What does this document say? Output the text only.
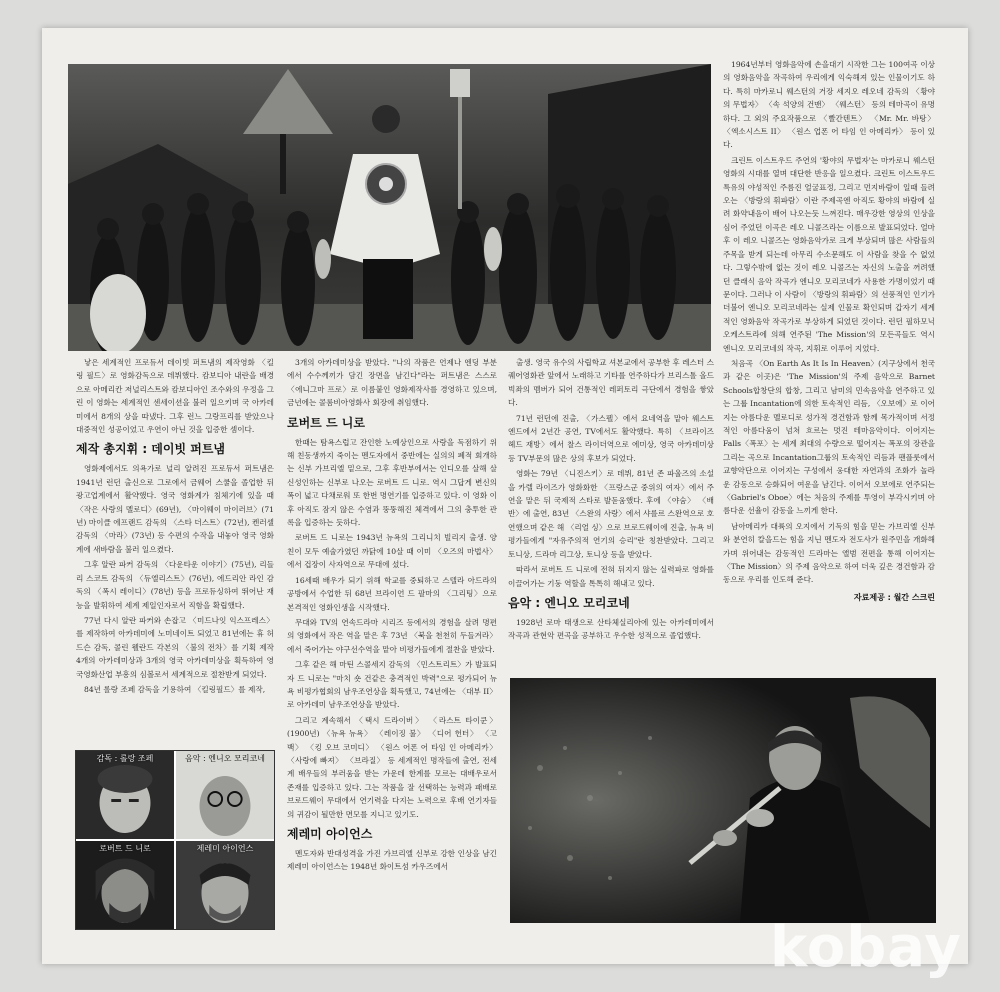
낳은 세계적인 프로듀서 데이빗 퍼트냄의 제작영화 〈킬링 필드〉로 영화감독으로 데뷔했다. 캄보디아 내란을 배경으로 아메리칸 저널리스트와 캄보디아인 조수와의 우정을 그린 이 영화는 세계적인 센세이션을 불러 일으키며 국 아카데미에서 8개의 상을 따냈다. 그후 런느 그랑프리를 받았으나 대중적인 성공이었고 우연이 아닌 것을 입증한 셈이다.

제작 총지휘 : 데이빗 퍼트냄

영화제에서도 의욕가로 널리 알려진 프로듀서 퍼트냄은 1941년 런던 출신으로 그로에서 금웨어 스쿨을 졸업한 뒤 광고업계에서 활약했다. 영국 영화계가 침체기에 있을 때 〈작은 사랑의 멜로디〉(69년), 〈마이웨이 마이러브〉(71년) 마이클 에프랜드 감독의 〈스타 더스트〉(72년), 켄러셀 감독의 〈마라〉(73년) 등 수편의 수작을 내놓아 영국 영화계에 새바람을 불러 일으켰다.

그후 알란 파커 감독의 〈다운타운 이야기〉(75년), 리들리 스코트 감독의 〈듀엘리스트〉(76년), 에드리안 라인 감독의 〈폭시 레이디〉(78년) 등을 프로듀싱하여 뛰어난 재능을 발휘하여 세계 제일인자로서 직함을 확립했다.

77년 다시 알란 파커와 손잡고 〈미드나잇 익스프레스〉를 제작하여 아카데미에 노미네이트 되었고 81년에는 휴 허드슨 감독, 콜린 웰란드 각본의 〈불의 전차〉를 기획 제작 4개의 아카데미상과 3개의 영국 아카데미상을 획득하여 영국영화산업 부흥의 심볼로서 세계적으로 절찬받게 되었다.

84년 롤랑 조페 감독을 기용하여 〈킬링필드〉를 제작,

감독 : 롤랑 조페	음악 : 엔니오 모리코네
로버트 드 니로	제레미 아이언스

3개의 아카데미상을 받았다. "나의 작품은 언제나 엔딩 부분에서 수수께끼가 담긴 장면을 남긴다"라는 퍼트냄은 스스로 〈에니그마 프로〉로 이름붙인 영화제작사를 경영하고 있으며, 금년에는 콜롬비아영화사 회장에 취임했다.

로버트 드 니로

한때는 탐욕스럽고 잔인한 노예상인으로 사랑을 독점하기 위해 친동생까지 죽이는 멘도자에서 중반에는 실의의 폐적 회개하는 신부 가브리엘 밑으로, 그후 후반부에서는 인디오를 살해 살신성인하는 신부로 나오는 로버트 드 니로. 역시 그답게 변신의 폭이 넓고 다채로워 또 한번 명연기를 입증하고 있다. 이 영화 이후 아직도 잠지 않은 수염과 뚱뚱해진 체격에서 그의 충투한 관록을 입증하는 듯하다.

로버트 드 니로는 1943년 뉴욕의 그리니치 빌리지 출생. 양친이 모두 예술가였던 까닭에 10살 때 이미 〈오즈의 마법사〉에서 겁장이 사자역으로 무대에 섰다.

16세때 배우가 되기 위해 학교를 중퇴하고 스텔라 아드라의 공방에서 수업한 뒤 68년 브라이언 드 팔마의 〈그리팅〉으로 본격적인 영화인생을 시작했다.

무대와 TV의 연속드라마 시리즈 등에서의 경험을 살려 명편의 영화에서 작은 역을 맡은 후 73년 〈북을 천천히 두들겨라〉에서 죽어가는 야구선수역을 맡아 비평가들에게 절찬을 받았다.

그후 같은 해 마틴 스콜세지 감독의 〈민스트리트〉가 발표되자 드 니로는 "마치 숏 건같은 충격적인 박력"으로 평가되어 뉴욕 비평가협회의 남우조연상을 획득했고, 74년에는 〈대부 II〉로 아카데미 남우조연상을 받았다.

그리고 계속해서 〈택시 드라이버〉 〈라스트 타이쿤〉 (1900년) 〈뉴욕 뉴욕〉 〈레이징 불〉 〈디어 헌터〉 〈고백〉 〈킹 오브 코미디〉 〈원스 어폰 어 타임 인 아메리카〉 〈사랑에 빠져〉 〈브라질〉 등 세계적인 명작들에 출연, 전세계 배우들의 부러움을 받는 가운데 한계를 모르는 대배우로서 존재를 입증하고 있다. 그는 작품을 잘 선택하는 능력과 패배로 브로드웨이 무대에서 연기력을 다지는 노력으로 후배 연기자들의 귀감이 될만한 면모를 지니고 있기도.

제레미 아이언스

멘도자와 반대성격을 가진 가브리엘 신부로 강한 인상을 남긴 제레미 아이언스는 1948년 화이트섬 카우즈에서

출생. 영국 유수의 사립학교 셔본교에서 공부한 후 레스터 스퀘어영화관 앞에서 노래하고 기타를 연주하다가 브리스톨 올드빅좌의 멤버가 되어 건통적인 레퍼토리 극단에서 경험을 쌓았다.

71년 런던에 진출, 〈가스펠〉에서 요네역을 맡아 웨스트 엔드에서 2년간 공연, TV에서도 활약했다. 특히 〈브라이즈 헤드 재방〉에서 찰스 라이더역으로 에미상, 영국 아카데미상 등 TV부문의 많은 상의 후보가 되었다.

영화는 79년 〈니진스키〉로 데뷔, 81년 존 파울즈의 소설을 카렐 라이즈가 영화화한 〈프랑스군 중위의 여자〉에서 주연을 맡은 뒤 국제적 스타로 발돋움했다. 후에 〈야숨〉 〈배반〉에 출연, 83년 〈스완의 사랑〉에서 샤를르 스완역으로 호연했으며 같은 해 〈리얼 싱〉으로 브로드웨이에 진출, 뉴욕 비평가들에게 "자유주의적 연기의 승리"란 칭찬받았다. 그리고 토니상, 드라마 리그상, 토니상 등을 받았다.

따라서 로버트 드 니로에 전혀 뒤지지 않는 실력파로 영화를 이끌어가는 기둥 역할을 톡톡히 해내고 있다.

음악 : 엔니오 모리코네

1928년 로마 태생으로 산타체실리아에 있는 아카데미에서 작곡과 관현악 편곡을 공부하고 우수한 성적으로 졸업했다.

1964년부터 영화음악에 손을대기 시작한 그는 100여곡 이상의 영화음악을 작곡하여 우리에게 익숙해져 있는 인물이기도 하다. 특히 마카로니 웨스턴의 거장 세지오 레오네 감독의 〈황야의 무법자〉 〈속 석양의 건맨〉 〈웨스턴〉 등의 테마곡이 유명하다. 그 외의 주요작품으로 〈빨간텐트〉 〈Mr. Mr. 바탕〉 〈엑소시스트 II〉 〈원스 업폰 어 타임 인 아메리카〉 등이 있다.

크린트 이스트우드 주연의 '황야의 무법자'는 마카로니 웨스턴 영화의 시대를 열며 대단한 반응을 일으켰다. 크린트 이스트우드 특유의 야성적인 주름진 얼굴표정, 그리고 먼지바람이 일때 들려오는 〈방랑의 휘파람〉이란 주제곡엔 아직도 황야의 바람에 실려 화약내음이 배어 나오는듯 느껴진다. 매우강한 영상의 인상을 심어 주었던 이곡은 레오 니콜즈라는 이름으로 발표되었다. 얼마후 이 레오 니콜즈는 영화음악가로 크게 부상되며 많은 사람들의 주목을 받게 되는데 아무리 수소문해도 이 사람을 찾을 수 없었다. 그렇수밖에 없는 것이 레오 니콜즈는 자신의 노출을 꺼려했던 클래식 음악 작곡가 엔니오 모리코네가 사용한 가명이었기 때문이다. 그러나 이 사람이 〈방랑의 휘파람〉의 선풍적인 인기가 더불어 엔니오 모리코네라는 실제 인물로 확인되며 갑자기 세계적인 영화음악 작곡가로 부상하게 되었던 것이다. 런던 필하모닉 오케스트라에 의해 연주된 'The Mission'의 모든곡들도 역시 엔니오 모리코네의 작곡, 지휘로 이루어 지었다.

처음곡 〈On Earth As It Is In Heaven〉(지구상에서 천국과 같은 이곳)은 'The Mission'의 주제 음악으로 Barnet Schools합창단의 합창, 그리고 남미의 민속음악을 연주하고 있는 그룹 Incantation에 의한 토속적인 리듬, 〈오보에〉로 이어지는 아름다운 멜로디로 성가적 경건함과 함께 목가적이며 서정적인 아름다움이 넘쳐 흐르는 멋진 테마음악이다. 이어지는 Falls〈폭포〉는 세계 최대의 수량으로 떨어지는 폭포의 장관을 그리는 곡으로 Incantation그룹의 토속적인 리듬과 팬플룻에서 교향악단으로 이어지는 구성에서 웅대한 자연과의 조화가 놀라운 감동으로 승화되어 여운을 남긴다. 이어서 오보에로 연주되는 〈Gabriel's Oboe〉에는 처음의 주제를 투영이 부각시키며 아름다운 선율이 감동을 느끼게 한다.

남아메리카 대륙의 오지에서 기독의 힘을 믿는 가브리엘 신부와 분연히 칼을드는 힘을 지닌 멘도자 전도사가 원주민을 개화해가며 위어내는 감동적인 드라마는 앨범 전편을 통해 이어지는 〈The Mission〉의 주제 음악으로 하여 더욱 깊은 경건함과 감동으로 우리를 인도해 준다.

자료제공 : 월간 스크린
kobay
